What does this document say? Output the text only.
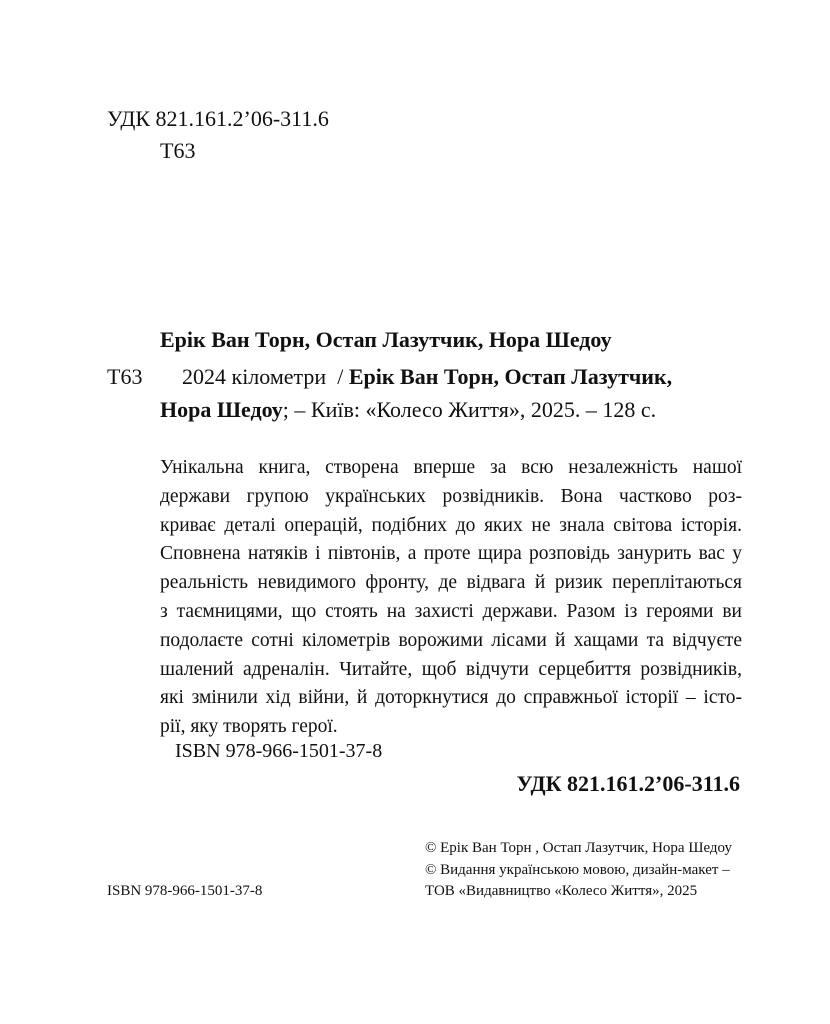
УДК 821.161.2’06-311.6
Т63
Ерік Ван Торн, Остап Лазутчик, Нора Шедоу
Т63 2024 кілометри / Ерік Ван Торн, Остап Лазутчик,
Нора Шедоу; – Київ: «Колесо Життя», 2025. – 128 с.
Унікальна книга, створена вперше за всю незалежність нашої
держави групою українських розвідників. Вона частково роз-
криває деталі операцій, подібних до яких не знала світова історія.
Сповнена натяків і півтонів, а проте щира розповідь занурить вас у
реальність невидимого фронту, де відвага й ризик переплітаються
з таємницями, що стоять на захисті держави. Разом із героями ви
подолаєте сотні кілометрів ворожими лісами й хащами та відчуєте
шалений адреналін. Читайте, щоб відчути серцебиття розвідників,
які змінили хід війни, й доторкнутися до справжньої історії – істо-
рії, яку творять герої.
ISBN 978-966-1501-37-8
УДК 821.161.2’06-311.6
© Ерік Ван Торн , Остап Лазутчик, Нора Шедоу
© Видання українською мовою, дизайн-макет –
ТОВ «Видавництво «Колесо Життя», 2025
ISBN 978-966-1501-37-8
